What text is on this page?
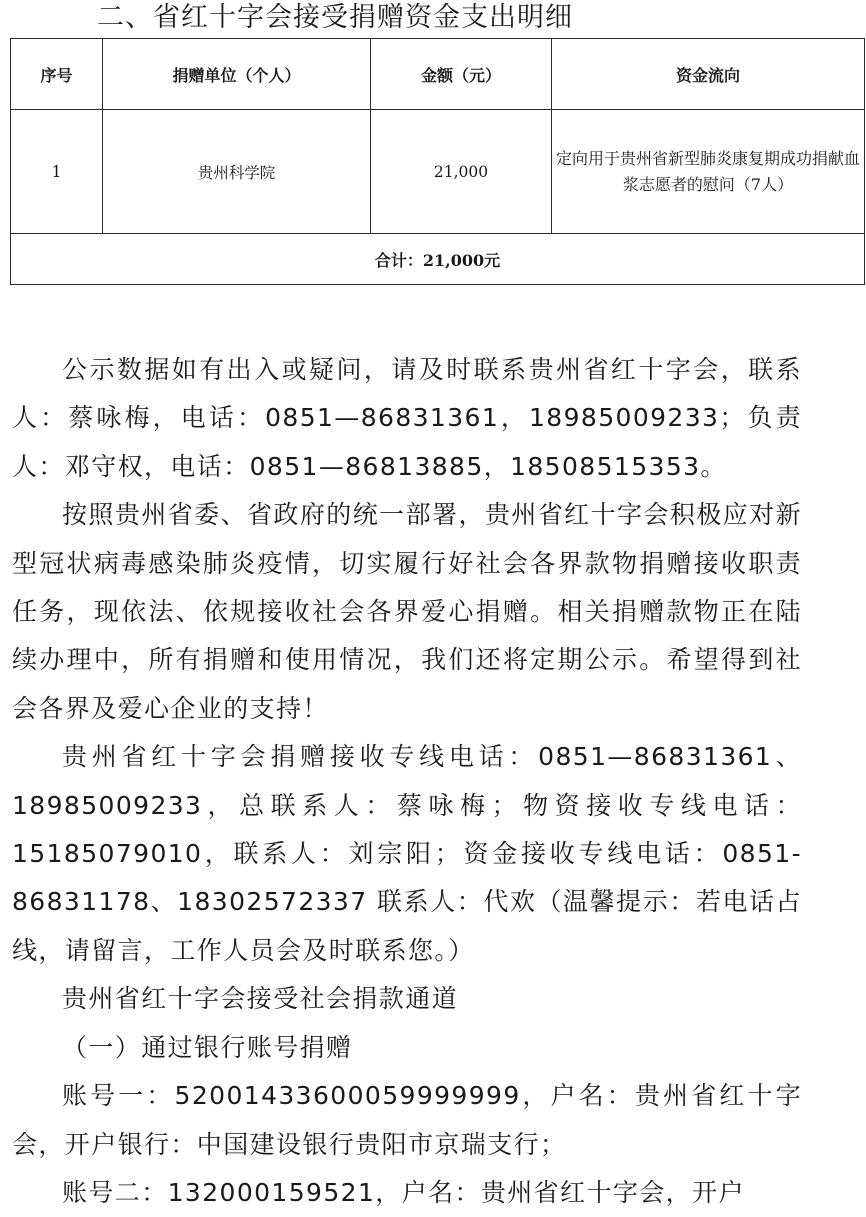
二、省红十字会接受捐赠资金支出明细
序号	捐赠单位（个人）	金额（元）	资金流向
1	贵州科学院	21,000	定向用于贵州省新型肺炎康复期成功捐献血浆志愿者的慰问（7人）
合计：21,000元			

公示数据如有出入或疑问，请及时联系贵州省红十字会，联系人：蔡咏梅，电话：0851—86831361，18985009233；负责人：邓守权，电话：0851—86813885，18508515353。

按照贵州省委、省政府的统一部署，贵州省红十字会积极应对新型冠状病毒感染肺炎疫情，切实履行好社会各界款物捐赠接收职责任务，现依法、依规接收社会各界爱心捐赠。相关捐赠款物正在陆续办理中，所有捐赠和使用情况，我们还将定期公示。希望得到社会各界及爱心企业的支持！

贵州省红十字会捐赠接收专线电话：0851—86831361、18985009233，总联系人：蔡咏梅；物资接收专线电话：15185079010，联系人：刘宗阳；资金接收专线电话：0851-86831178、18302572337 联系人：代欢（温馨提示：若电话占线，请留言，工作人员会及时联系您。）

贵州省红十字会接受社会捐款通道

（一）通过银行账号捐赠

账号一：52001433600059999999，户名：贵州省红十字会，开户银行：中国建设银行贵阳市京瑞支行；

账号二：132000159521，户名：贵州省红十字会，开户
